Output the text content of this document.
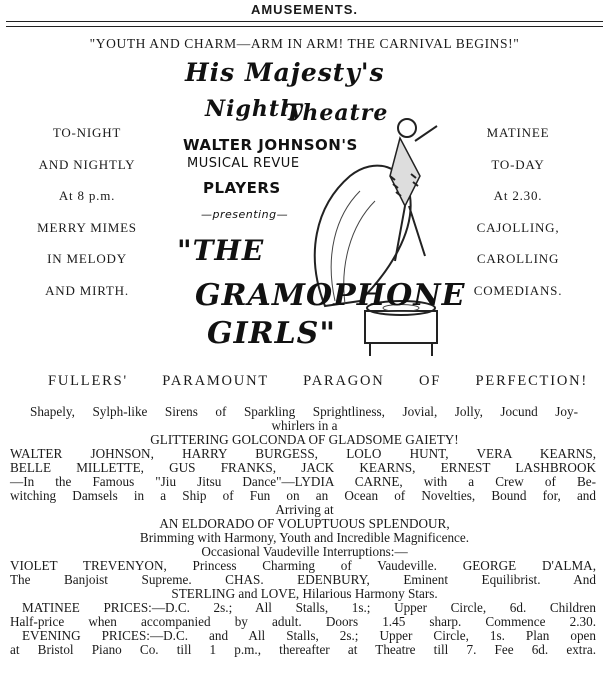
AMUSEMENTS.
"YOUTH AND CHARM—ARM IN ARM! THE CARNIVAL BEGINS!"
TO-NIGHT
AND NIGHTLY
At 8 p.m.
MERRY MIMES
IN MELODY
AND MIRTH.
MATINEE
TO-DAY
At 2.30.
CAJOLLING,
CAROLLING
COMEDIANS.
His Majesty's
Nightly
Theatre
WALTER JOHNSON'S
MUSICAL REVUE
PLAYERS
—presenting—
"THE
GRAMOPHONE
GIRLS"
FULLERS' PARAMOUNT PARAGON OF PERFECTION!
Shapely, Sylph-like Sirens of Sparkling Sprightliness, Jovial, Jolly, Jocund Joy-
whirlers in a
GLITTERING GOLCONDA OF GLADSOME GAIETY!
WALTER JOHNSON, HARRY BURGESS, LOLO HUNT, VERA KEARNS,
BELLE MILLETTE, GUS FRANKS, JACK KEARNS, ERNEST LASHBROOK
—In the Famous "Jiu Jitsu Dance"—LYDIA CARNE, with a Crew of Be-
witching Damsels in a Ship of Fun on an Ocean of Novelties, Bound for, and
Arriving at
AN ELDORADO OF VOLUPTUOUS SPLENDOUR,
Brimming with Harmony, Youth and Incredible Magnificence.
Occasional Vaudeville Interruptions:—
VIOLET TREVENYON, Princess Charming of Vaudeville. GEORGE D'ALMA,
The Banjoist Supreme. CHAS. EDENBURY, Eminent Equilibrist. And
STERLING and LOVE, Hilarious Harmony Stars.
MATINEE PRICES:—D.C. 2s.; All Stalls, 1s.; Upper Circle, 6d. Children
Half-price when accompanied by adult. Doors 1.45 sharp. Commence 2.30.
EVENING PRICES:—D.C. and All Stalls, 2s.; Upper Circle, 1s. Plan open
at Bristol Piano Co. till 1 p.m., thereafter at Theatre till 7. Fee 6d. extra.
